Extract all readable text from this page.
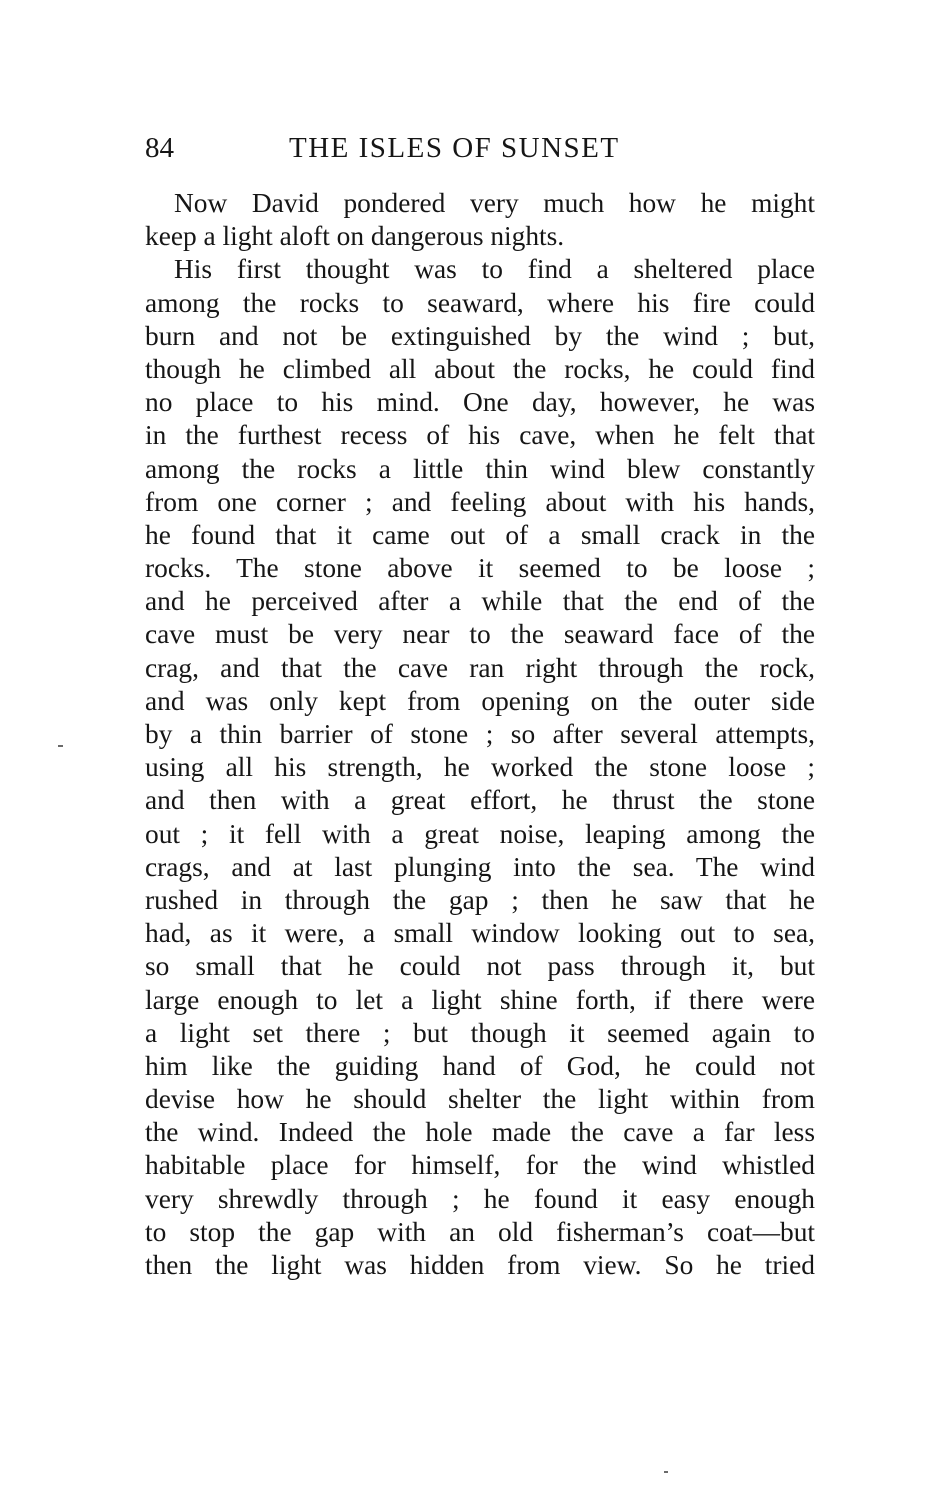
84	THE ISLES OF SUNSET
Now David pondered very much how he might
keep a light aloft on dangerous nights.
His first thought was to find a sheltered place
among the rocks to seaward, where his fire could
burn and not be extinguished by the wind ; but,
though he climbed all about the rocks, he could find
no place to his mind. One day, however, he was
in the furthest recess of his cave, when he felt that
among the rocks a little thin wind blew constantly
from one corner ; and feeling about with his hands,
he found that it came out of a small crack in the
rocks. The stone above it seemed to be loose ;
and he perceived after a while that the end of the
cave must be very near to the seaward face of the
crag, and that the cave ran right through the rock,
and was only kept from opening on the outer side
by a thin barrier of stone ; so after several attempts,
using all his strength, he worked the stone loose ;
and then with a great effort, he thrust the stone
out ; it fell with a great noise, leaping among the
crags, and at last plunging into the sea. The wind
rushed in through the gap ; then he saw that he
had, as it were, a small window looking out to sea,
so small that he could not pass through it, but
large enough to let a light shine forth, if there were
a light set there ; but though it seemed again to
him like the guiding hand of God, he could not
devise how he should shelter the light within from
the wind. Indeed the hole made the cave a far less
habitable place for himself, for the wind whistled
very shrewdly through ; he found it easy enough
to stop the gap with an old fisherman’s coat—but
then the light was hidden from view. So he tried
